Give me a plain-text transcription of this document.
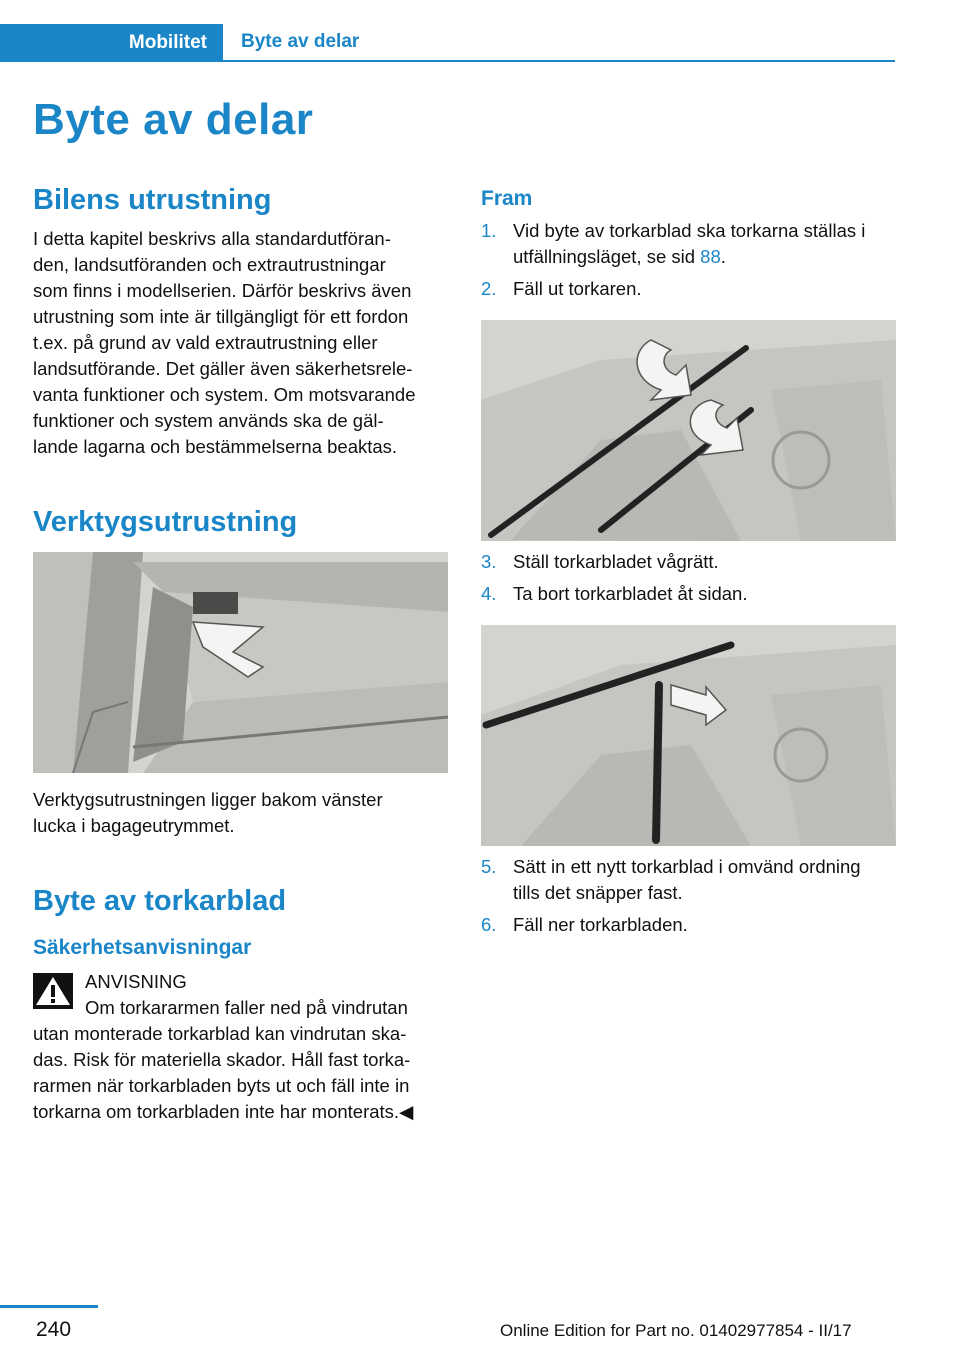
Mobilitet	Byte av delar
Byte av delar
Bilens utrustning

I detta kapitel beskrivs alla standardutföran-
den, landsutföranden och extrautrustningar
som finns i modellserien. Därför beskrivs även
utrustning som inte är tillgängligt för ett fordon
t.ex. på grund av vald extrautrustning eller
landsutförande. Det gäller även säkerhetsrele-
vanta funktioner och system. Om motsvarande
funktioner och system används ska de gäl-
lande lagarna och bestämmelserna beaktas.

Verktygsutrustning

Verktygsutrustningen ligger bakom vänster
lucka i bagageutrymmet.

Byte av torkarblad
Säkerhetsanvisningar
ANVISNING

Om torkararmen faller ned på vindrutan
utan monterade torkarblad kan vindrutan ska-
das. Risk för materiella skador. Håll fast torka-
rarmen när torkarbladen byts ut och fäll inte in
torkarna om torkarbladen inte har monterats.◀

Fram
1. Vid byte av torkarblad ska torkarna ställas i
utfällningsläget, se sid 88.
2. Fäll ut torkaren.
3. Ställ torkarbladet vågrätt.
4. Ta bort torkarbladet åt sidan.
5. Sätt in ett nytt torkarblad i omvänd ordning
tills det snäpper fast.
6. Fäll ner torkarbladen.
240	Online Edition for Part no. 01402977854 - II/17
